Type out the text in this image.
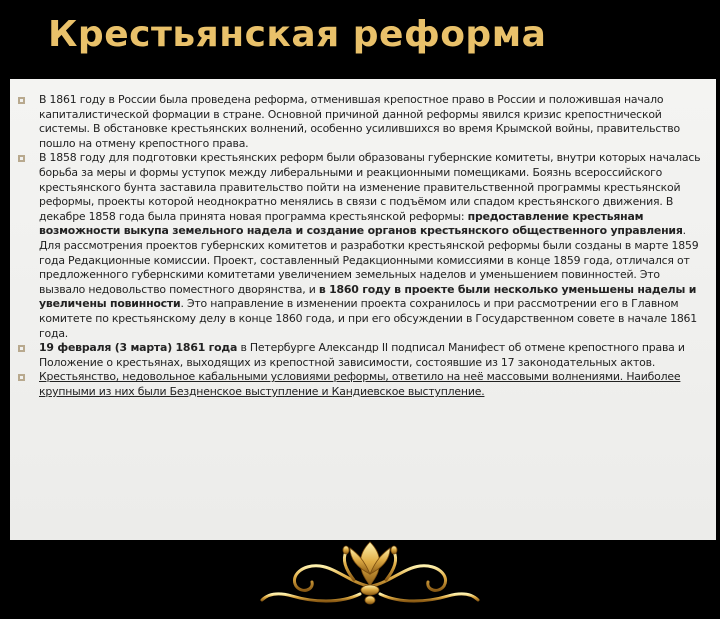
Крестьянская реформа
В 1861 году в России была проведена реформа, отменившая крепостное право в России и положившая начало капиталистической формации в стране. Основной причиной данной реформы явился кризис крепостнической системы. В обстановке крестьянских волнений, особенно усилившихся во время Крымской войны, правительство пошло на отмену крепостного права.
В 1858 году для подготовки крестьянских реформ были образованы губернские комитеты, внутри которых началась борьба за меры и формы уступок между либеральными и реакционными помещиками. Боязнь всероссийского крестьянского бунта заставила правительство пойти на изменение правительственной программы крестьянской реформы, проекты которой неоднократно менялись в связи с подъёмом или спадом крестьянского движения. В декабре 1858 года была принята новая программа крестьянской реформы: предоставление крестьянам возможности выкупа земельного надела и создание органов крестьянского общественного управления. Для рассмотрения проектов губернских комитетов и разработки крестьянской реформы были созданы в марте 1859 года Редакционные комиссии. Проект, составленный Редакционными комиссиями в конце 1859 года, отличался от предложенного губернскими комитетами увеличением земельных наделов и уменьшением повинностей. Это вызвало недовольство поместного дворянства, и в 1860 году в проекте были несколько уменьшены наделы и увеличены повинности. Это направление в изменении проекта сохранилось и при рассмотрении его в Главном комитете по крестьянскому делу в конце 1860 года, и при его обсуждении в Государственном совете в начале 1861 года.
19 февраля (3 марта) 1861 года в Петербурге Александр II подписал Манифест об отмене крепостного права и Положение о крестьянах, выходящих из крепостной зависимости, состоявшие из 17 законодательных актов.
Крестьянство, недовольное кабальными условиями реформы, ответило на неё массовыми волнениями. Наиболее крупными из них были Бездненское выступление и Кандиевское выступление.
